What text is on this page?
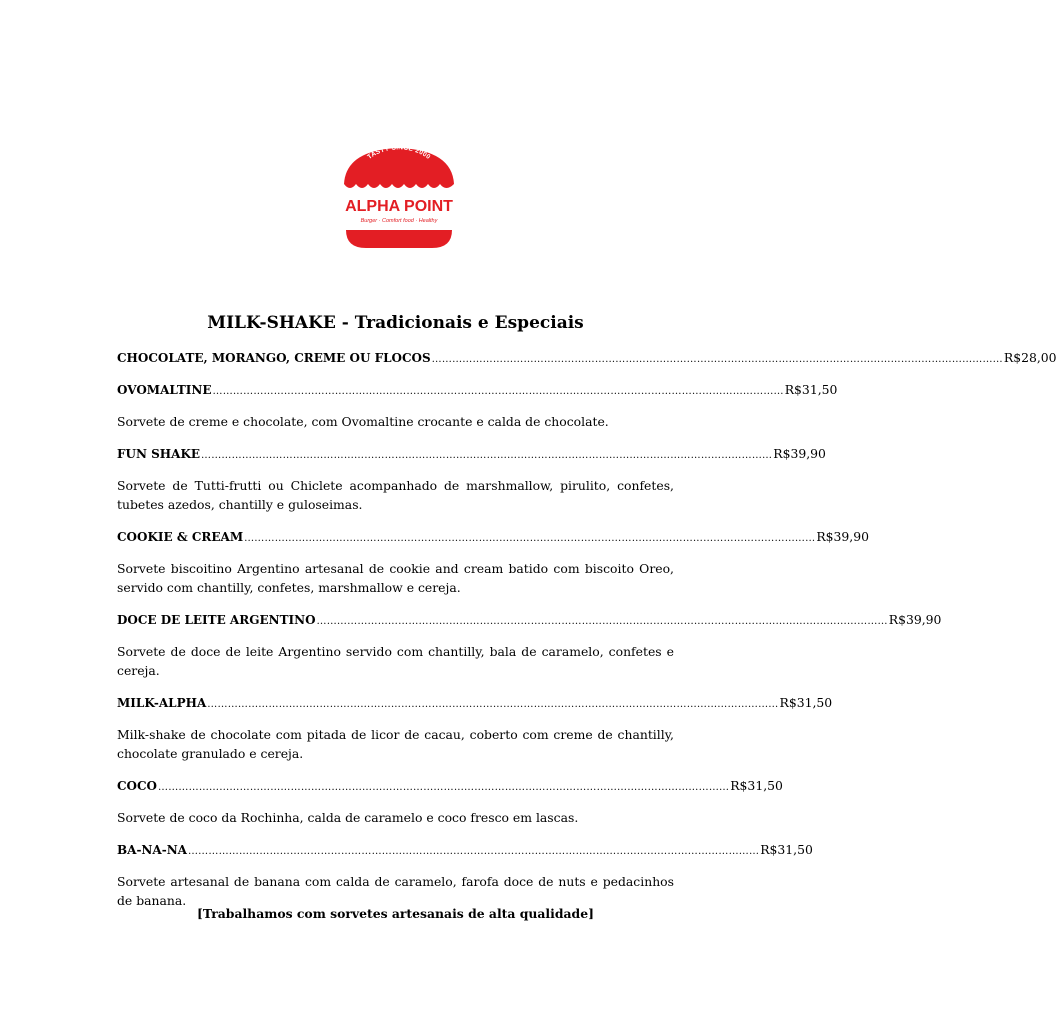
TASTY SINCE 2000
ALPHA POINT
Burger · Comfort food · Healthy
MILK-SHAKE - Tradicionais e Especiais
CHOCOLATE, MORANGO, CREME OU FLOCOS …………………………………………………………………………………………………………………………………………………… R$28,00
OVOMALTINE …………………………………………………………………………………………………………………………………………………… R$31,50
Sorvete de creme e chocolate, com Ovomaltine crocante e calda de chocolate.
FUN SHAKE …………………………………………………………………………………………………………………………………………………… R$39,90
Sorvete de Tutti-frutti ou Chiclete acompanhado de marshmallow, pirulito, confetes, tubetes azedos, chantilly e guloseimas.
COOKIE & CREAM …………………………………………………………………………………………………………………………………………………… R$39,90
Sorvete biscoitino Argentino artesanal de cookie and cream batido com biscoito Oreo, servido com chantilly, confetes, marshmallow e cereja.
DOCE DE LEITE ARGENTINO …………………………………………………………………………………………………………………………………………………… R$39,90
Sorvete de doce de leite Argentino servido com chantilly, bala de caramelo, confetes e cereja.
MILK-ALPHA …………………………………………………………………………………………………………………………………………………… R$31,50
Milk-shake de chocolate com pitada de licor de cacau, coberto com creme de chantilly, chocolate granulado e cereja.
COCO …………………………………………………………………………………………………………………………………………………… R$31,50
Sorvete de coco da Rochinha, calda de caramelo e coco fresco em lascas.
BA-NA-NA …………………………………………………………………………………………………………………………………………………… R$31,50
Sorvete artesanal de banana com calda de caramelo, farofa doce de nuts e pedacinhos de banana.
[Trabalhamos com sorvetes artesanais de alta qualidade]
